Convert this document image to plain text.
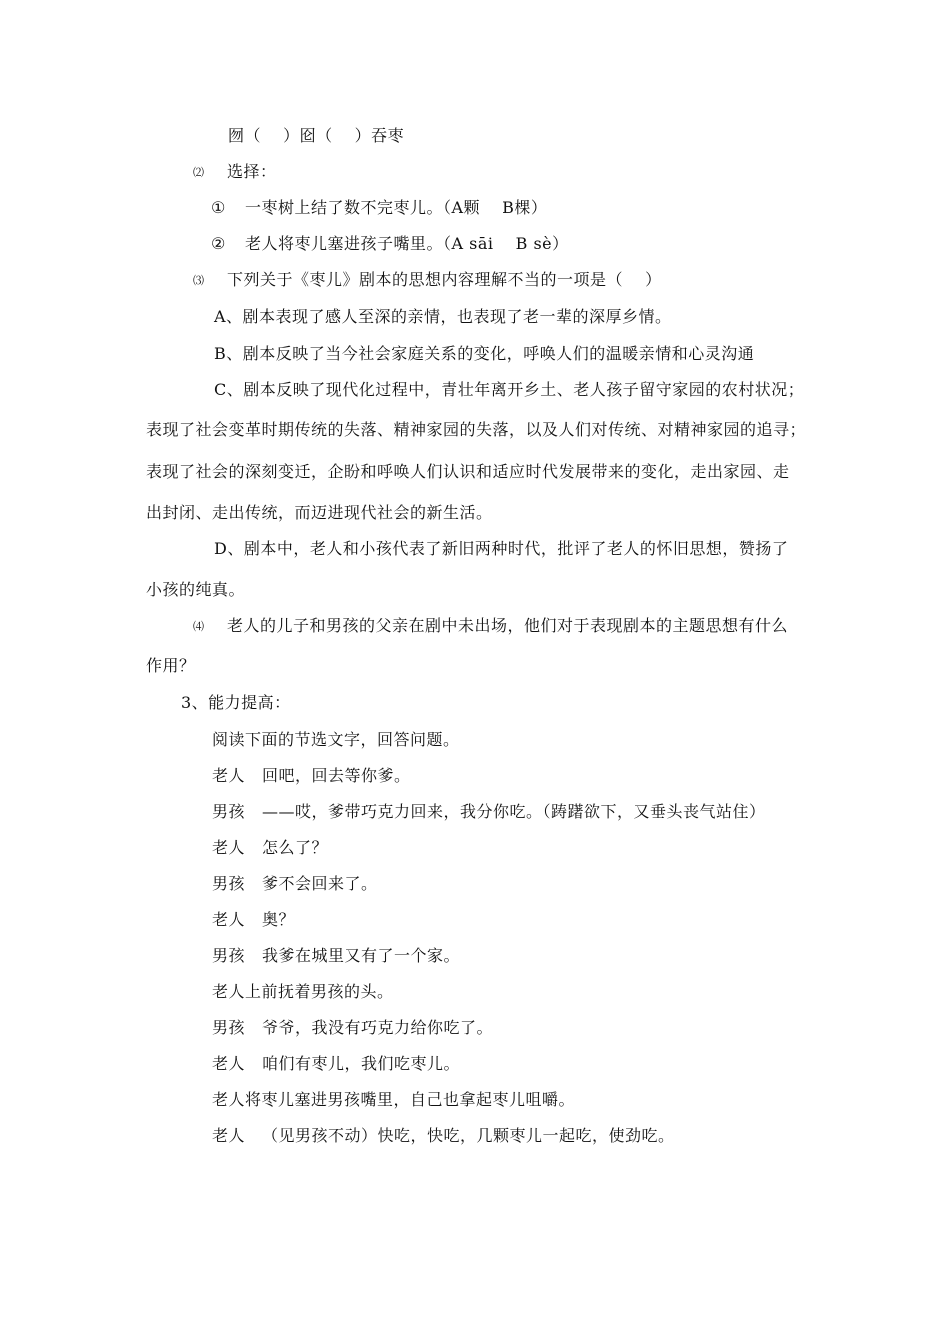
囫（　 ）囵（　 ）吞枣
⑵ 选择：
① 一枣树上结了数不完枣儿。（A颗　 B棵）
② 老人将枣儿塞进孩子嘴里。（A sāi　 B sè）
⑶ 下列关于《枣儿》剧本的思想内容理解不当的一项是（　 ）
A、剧本表现了感人至深的亲情，也表现了老一辈的深厚乡情。
B、剧本反映了当今社会家庭关系的变化，呼唤人们的温暖亲情和心灵沟通
C、剧本反映了现代化过程中，青壮年离开乡土、老人孩子留守家园的农村状况；
表现了社会变革时期传统的失落、精神家园的失落，以及人们对传统、对精神家园的追寻；
表现了社会的深刻变迁，企盼和呼唤人们认识和适应时代发展带来的变化，走出家园、走
出封闭、走出传统，而迈进现代社会的新生活。
D、剧本中，老人和小孩代表了新旧两种时代，批评了老人的怀旧思想，赞扬了
小孩的纯真。
⑷ 老人的儿子和男孩的父亲在剧中未出场，他们对于表现剧本的主题思想有什么
作用？
3、能力提高：
阅读下面的节选文字，回答问题。
老人 回吧，回去等你爹。
男孩 ——哎，爹带巧克力回来，我分你吃。（踌躇欲下，又垂头丧气站住）
老人 怎么了？
男孩 爹不会回来了。
老人 奥？
男孩 我爹在城里又有了一个家。
老人上前抚着男孩的头。
男孩 爷爷，我没有巧克力给你吃了。
老人 咱们有枣儿，我们吃枣儿。
老人将枣儿塞进男孩嘴里，自己也拿起枣儿咀嚼。
老人 （见男孩不动）快吃，快吃，几颗枣儿一起吃，使劲吃。
